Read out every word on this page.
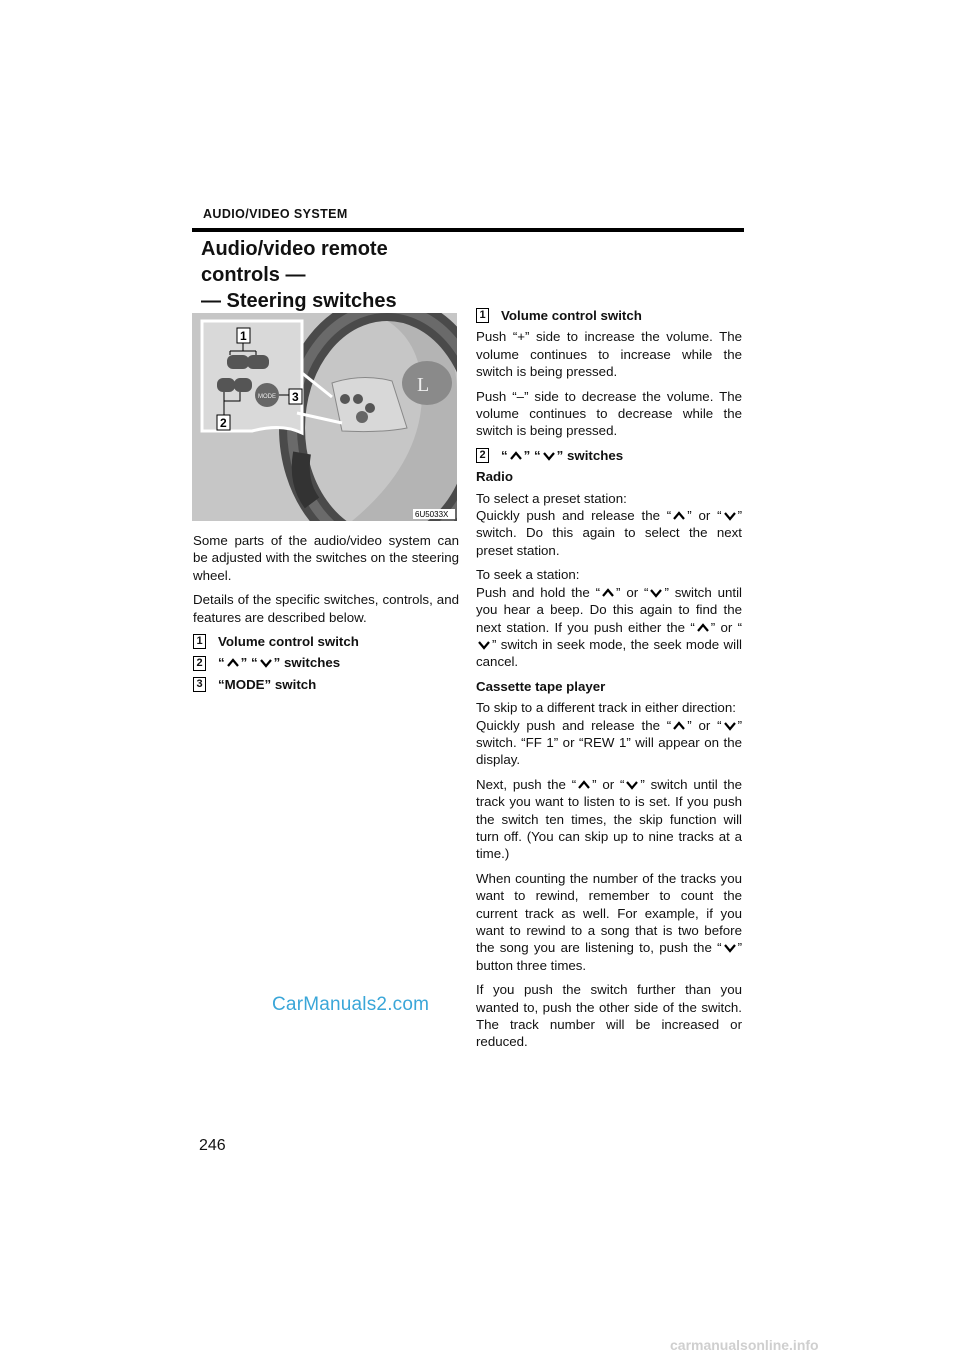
AUDIO/VIDEO SYSTEM
Audio/video remote
controls —
— Steering switches
L
MODE
1
2
3
6U5033X

Some parts of the audio/video system can be adjusted with the switches on the steering wheel.

Details of the specific switches, controls, and features are described below.

1 Volume control switch
2 “ ” “ ” switches
3 “MODE” switch
1 Volume control switch

Push “+” side to increase the volume. The volume continues to increase while the switch is being pressed.

Push “–” side to decrease the volume. The volume continues to decrease while the switch is being pressed.

2 “ ” “ ” switches

Radio

To select a preset station:
Quickly push and release the “ ” or “ ” switch. Do this again to select the next preset station.

To seek a station:
Push and hold the “ ” or “ ” switch until you hear a beep. Do this again to find the next station. If you push either the “ ” or “” switch in seek mode, the seek mode will cancel.

Cassette tape player

To skip to a different track in either direction:
Quickly push and release the “ ” or “ ” switch. “FF 1” or “REW 1” will appear on the display.

Next, push the “ ” or “ ” switch until the track you want to listen to is set. If you push the switch ten times, the skip function will turn off. (You can skip up to nine tracks at a time.)

When counting the number of the tracks you want to rewind, remember to count the current track as well. For example, if you want to rewind to a song that is two before the song you are listening to, push the “ ” button three times.

If you push the switch further than you wanted to, push the other side of the switch. The track number will be increased or reduced.

CarManuals2.com
246
carmanualsonline.info
